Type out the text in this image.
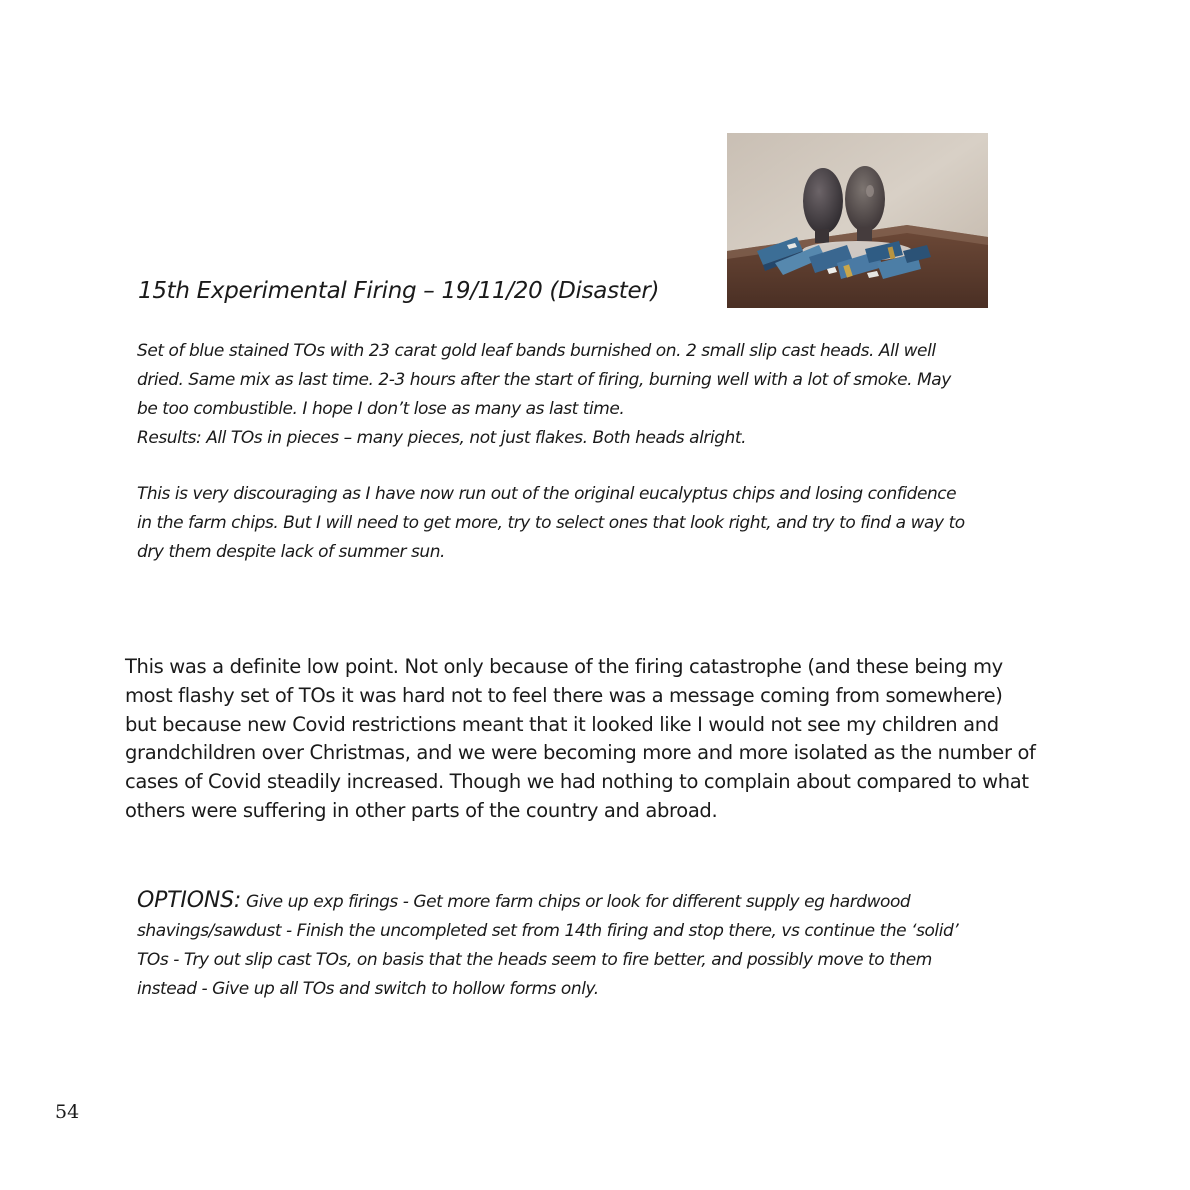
15th Experimental Firing – 19/11/20 (Disaster)

Set of blue stained TOs with 23 carat gold leaf bands burnished on. 2 small slip cast heads. All well

dried. Same mix as last time. 2-3 hours after the start of firing, burning well with a lot of smoke. May

be too combustible. I hope I don’t lose as many as last time.

Results: All TOs in pieces – many pieces, not just flakes. Both heads alright.

This is very discouraging as I have now run out of the original eucalyptus chips and losing confidence

in the farm chips. But I will need to get more, try to select ones that look right, and try to find a way to

dry them despite lack of summer sun.

This was a definite low point. Not only because of the firing catastrophe (and these being my

most flashy set of TOs it was hard not to feel there was a message coming from somewhere)

but because new Covid restrictions meant that it looked like I would not see my children and

grandchildren over Christmas, and we were becoming more and more isolated as the number of

cases of Covid steadily increased. Though we had nothing to complain about compared to what

others were suffering in other parts of the country and abroad.

OPTIONS: Give up exp firings - Get more farm chips or look for different supply eg hardwood

shavings/sawdust - Finish the uncompleted set from 14th firing and stop there, vs continue the ‘solid’

TOs - Try out slip cast TOs, on basis that the heads seem to fire better, and possibly move to them

instead - Give up all TOs and switch to hollow forms only.

54
